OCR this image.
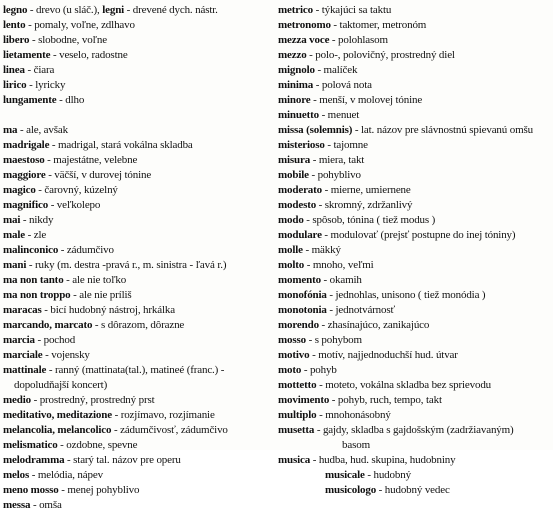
legno - drevo (u sláč.), legni - drevené dych. nástr.
lento - pomaly, voľne, zdlhavo
libero - slobodne, voľne
lietamente - veselo, radostne
linea - čiara
lirico - lyricky
lungamente - dlho
ma - ale, avšak
madrigale - madrigal, stará vokálna skladba
maestoso - majestátne, velebne
maggiore - väčší, v durovej tónine
magico - čarovný, kúzelný
magnifico - veľkolepo
mai - nikdy
male - zle
malinconico - zádumčivo
mani - ruky (m. destra -pravá r., m. sinistra - ľavá r.)
ma non tanto - ale nie toľko
ma non troppo - ale nie príliš
maracas - bicí hudobný nástroj, hrkálka
marcando, marcato - s dôrazom, dôrazne
marcia - pochod
marciale - vojensky
mattinale - ranný (mattinata(tal.), matineé (franc.) -
dopoludňajší koncert)
medio - prostredný, prostredný prst
meditativo, meditazione - rozjímavo, rozjímanie
melancolia, melancolico - zádumčivosť, zádumčivo
melismatico - ozdobne, spevne
melodramma - starý tal. názov pre operu
melos - melódia, nápev
meno mosso - menej pohyblivo
messa - omša
metrico - týkajúci sa taktu
metronomo - taktomer, metronóm
mezza voce - polohlasom
mezzo - polo-, polovičný, prostredný diel
mignolo - malíček
minima - polová nota
minore - menší, v molovej tónine
minuetto - menuet
missa (solemnis) - lat. názov pre slávnostnú spievanú omšu
misterioso - tajomne
misura - miera, takt
mobile - pohyblivo
moderato - mierne, umiernene
modesto - skromný, zdržanlivý
modo - spôsob, tónina ( tiež modus )
modulare - modulovať (prejsť postupne do inej tóniny)
molle - mäkký
molto - mnoho, veľmi
momento - okamih
monofónia - jednohlas, unisono ( tiež monódia )
monotonia - jednotvárnosť
morendo - zhasínajúco, zanikajúco
mosso - s pohybom
motivo - motív, najjednoduchší hud. útvar
moto - pohyb
mottetto - moteto, vokálna skladba bez sprievodu
movimento - pohyb, ruch, tempo, takt
multiplo - mnohonásobný
musetta - gajdy, skladba s gajdošským (zadržiavaným)
basom
musica - hudba, hud. skupina, hudobniny
musicale - hudobný
musicologo - hudobný vedec
